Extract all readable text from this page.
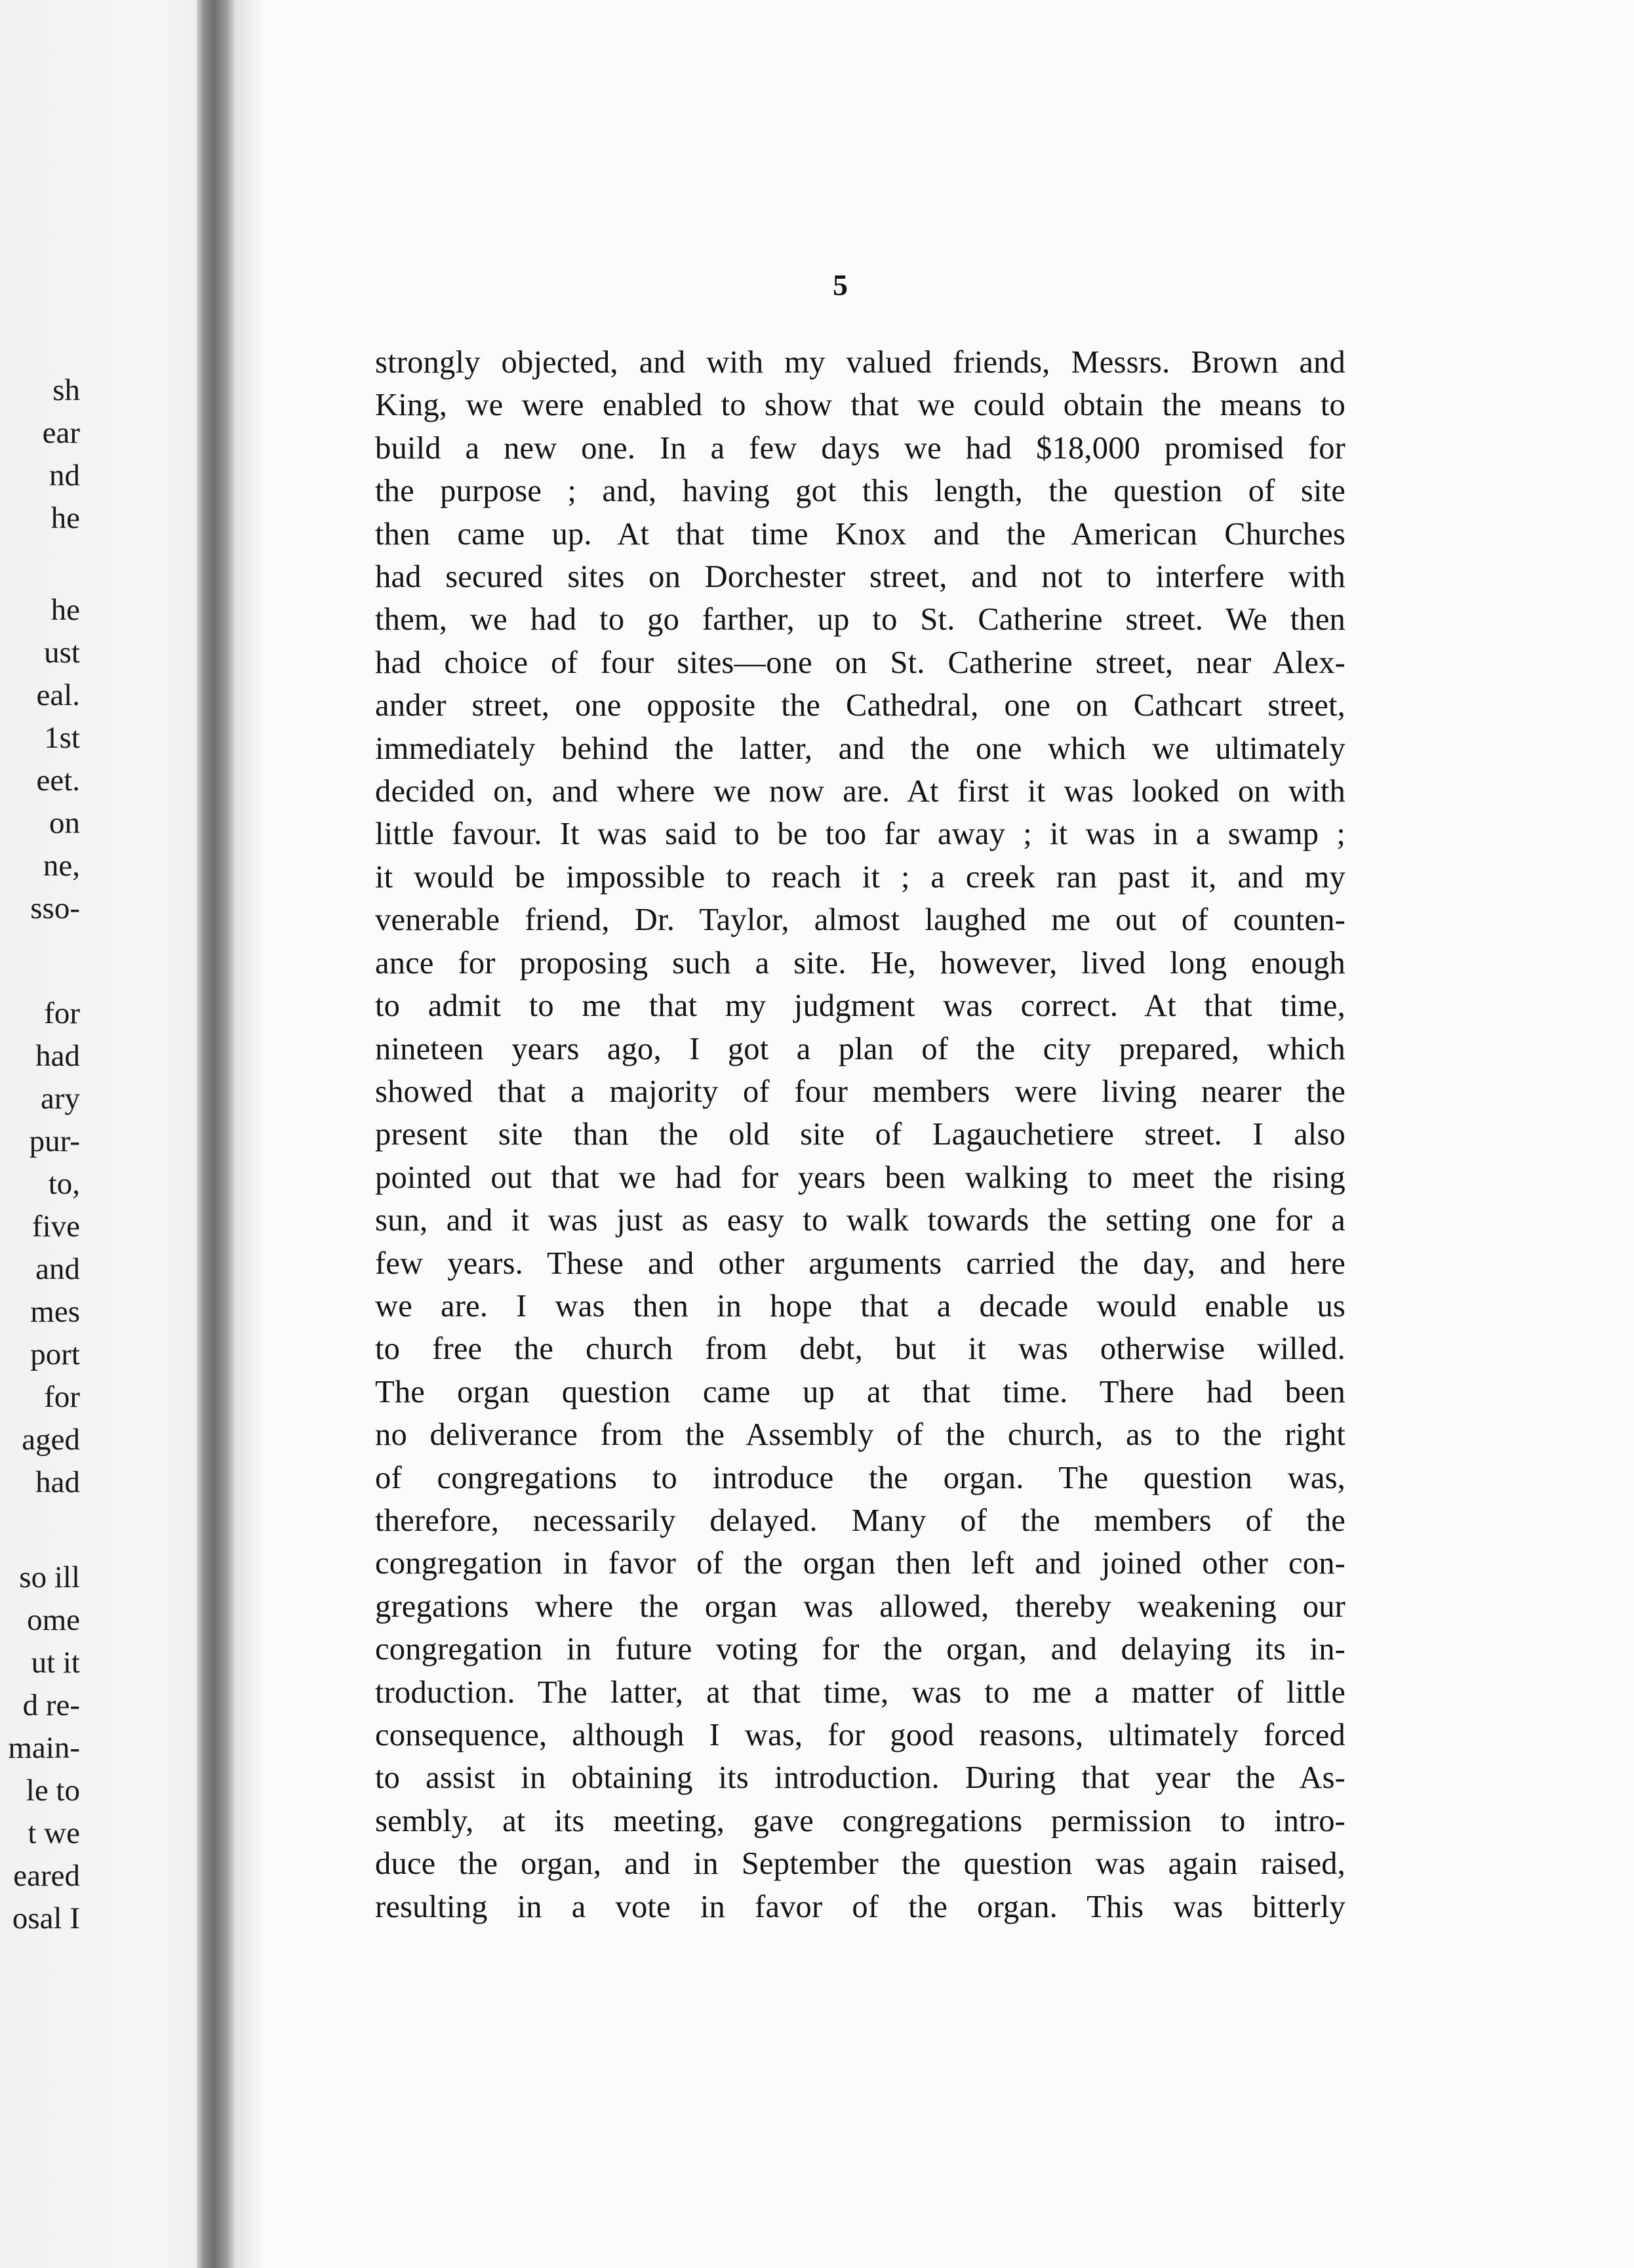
sh
ear
nd
he
he
ust
eal.
1st
eet.
on
ne,
sso-
for
had
ary
pur-
to,
five
and
mes
port
for
aged
had
so ill
ome
ut it
d re-
main-
le to
t we
eared
osal I
5
strongly objected, and with my valued friends, Messrs. Brown and
King, we were enabled to show that we could obtain the means to
build a new one. In a few days we had $18,000 promised for
the purpose ; and, having got this length, the question of site
then came up. At that time Knox and the American Churches
had secured sites on Dorchester street, and not to interfere with
them, we had to go farther, up to St. Catherine street. We then
had choice of four sites—one on St. Catherine street, near Alex-
ander street, one opposite the Cathedral, one on Cathcart street,
immediately behind the latter, and the one which we ultimately
decided on, and where we now are. At first it was looked on with
little favour. It was said to be too far away ; it was in a swamp ;
it would be impossible to reach it ; a creek ran past it, and my
venerable friend, Dr. Taylor, almost laughed me out of counten-
ance for proposing such a site. He, however, lived long enough
to admit to me that my judgment was correct. At that time,
nineteen years ago, I got a plan of the city prepared, which
showed that a majority of four members were living nearer the
present site than the old site of Lagauchetiere street. I also
pointed out that we had for years been walking to meet the rising
sun, and it was just as easy to walk towards the setting one for a
few years. These and other arguments carried the day, and here
we are. I was then in hope that a decade would enable us
to free the church from debt, but it was otherwise willed.
The organ question came up at that time. There had been
no deliverance from the Assembly of the church, as to the right
of congregations to introduce the organ. The question was,
therefore, necessarily delayed. Many of the members of the
congregation in favor of the organ then left and joined other con-
gregations where the organ was allowed, thereby weakening our
congregation in future voting for the organ, and delaying its in-
troduction. The latter, at that time, was to me a matter of little
consequence, although I was, for good reasons, ultimately forced
to assist in obtaining its introduction. During that year the As-
sembly, at its meeting, gave congregations permission to intro-
duce the organ, and in September the question was again raised,
resulting in a vote in favor of the organ. This was bitterly
